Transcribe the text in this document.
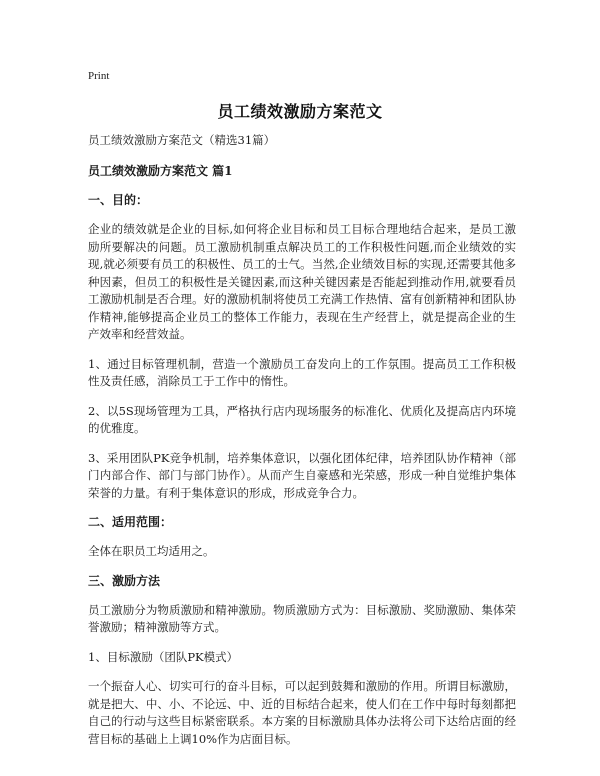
Print
员工绩效激励方案范文
员工绩效激励方案范文（精选31篇）
员工绩效激励方案范文 篇1
一、目的：

企业的绩效就是企业的目标,如何将企业目标和员工目标合理地结合起来，是员工激励所要解决的问题。员工激励机制重点解决员工的工作积极性问题,而企业绩效的实现,就必须要有员工的积极性、员工的士气。当然,企业绩效目标的实现,还需要其他多种因素，但员工的积极性是关键因素,而这种关键因素是否能起到推动作用,就要看员工激励机制是否合理。好的激励机制将使员工充满工作热情、富有创新精神和团队协作精神,能够提高企业员工的整体工作能力，表现在生产经营上，就是提高企业的生产效率和经营效益。

1、通过目标管理机制，营造一个激励员工奋发向上的工作氛围。提高员工工作积极性及责任感，消除员工于工作中的惰性。

2、以5S现场管理为工具，严格执行店内现场服务的标准化、优质化及提高店内环境的优雅度。

3、采用团队PK竞争机制，培养集体意识，以强化团体纪律，培养团队协作精神（部门内部合作、部门与部门协作）。从而产生自豪感和光荣感，形成一种自觉维护集体荣誉的力量。有利于集体意识的形成，形成竞争合力。

二、适用范围：

全体在职员工均适用之。

三、激励方法

员工激励分为物质激励和精神激励。物质激励方式为：目标激励、奖励激励、集体荣誉激励；精神激励等方式。

1、目标激励（团队PK模式）

一个振奋人心、切实可行的奋斗目标，可以起到鼓舞和激励的作用。所谓目标激励，就是把大、中、小、不论远、中、近的目标结合起来，使人们在工作中每时每刻都把自己的行动与这些目标紧密联系。本方案的目标激励具体办法将公司下达给店面的经营目标的基础上上调10%作为店面目标。
